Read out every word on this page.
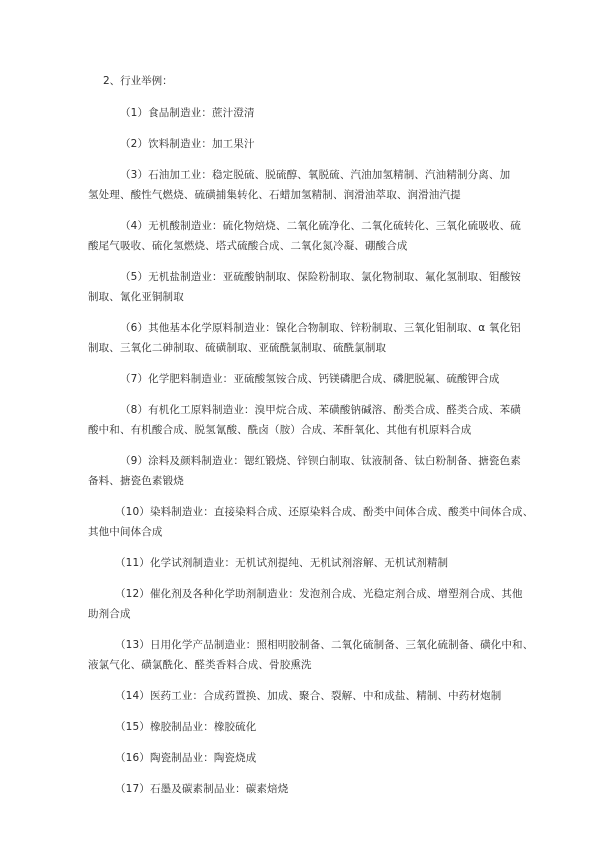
2、行业举例：
（1）食品制造业：蔗汁澄清
（2）饮料制造业：加工果汁
（3）石油加工业：稳定脱硫、脱硫醇、氧脱硫、汽油加氢精制、汽油精制分离、加
氢处理、酸性气燃烧、硫磺捕集转化、石蜡加氢精制、润滑油萃取、润滑油汽提
（4）无机酸制造业：硫化物焙烧、二氧化硫净化、二氧化硫转化、三氧化硫吸收、硫
酸尾气吸收、硫化氢燃烧、塔式硫酸合成、二氧化氮冷凝、硼酸合成
（5）无机盐制造业：亚硫酸钠制取、保险粉制取、氯化物制取、氟化氢制取、钼酸铵
制取、氰化亚铜制取
（6）其他基本化学原料制造业：镍化合物制取、锌粉制取、三氧化钼制取、α 氧化铝
制取、三氧化二砷制取、硫磺制取、亚硫酰氯制取、硫酰氯制取
（7）化学肥料制造业：亚硫酸氢铵合成、钙镁磷肥合成、磷肥脱氟、硫酸钾合成
（8）有机化工原料制造业：溴甲烷合成、苯磺酸钠碱溶、酚类合成、醛类合成、苯磺
酸中和、有机酸合成、脱氢氰酸、酰卤（胺）合成、苯酐氧化、其他有机原料合成
（9）涂料及颜料制造业：锶红锻烧、锌钡白制取、钛液制备、钛白粉制备、搪瓷色素
备料、搪瓷色素锻烧
（10）染料制造业：直接染料合成、还原染料合成、酚类中间体合成、酸类中间体合成、
其他中间体合成
（11）化学试剂制造业：无机试剂提纯、无机试剂溶解、无机试剂精制
（12）催化剂及各种化学助剂制造业：发泡剂合成、光稳定剂合成、增塑剂合成、其他
助剂合成
（13）日用化学产品制造业：照相明胶制备、二氧化硫制备、三氧化硫制备、磺化中和、
液氯气化、磺氯酰化、醛类香料合成、骨胶熏洗
（14）医药工业：合成药置换、加成、聚合、裂解、中和成盐、精制、中药材炮制
（15）橡胶制品业：橡胶硫化
（16）陶瓷制品业：陶瓷烧成
（17）石墨及碳素制品业：碳素焙烧
